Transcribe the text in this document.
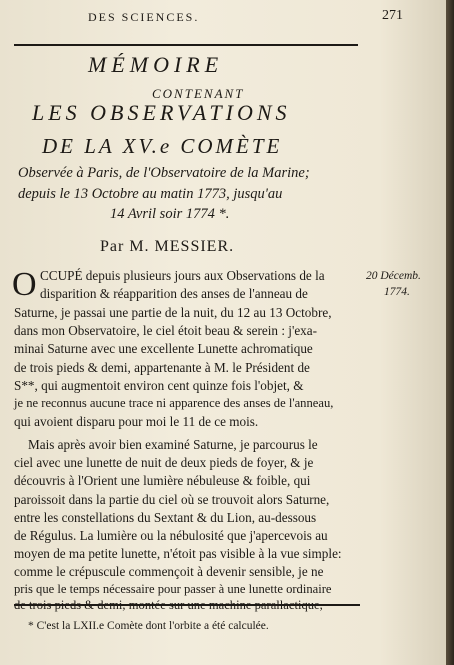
DES SCIENCES.	271
MÉMOIRE
CONTENANT
LES OBSERVATIONS
DE LA XV.e COMÈTE
Observée à Paris, de l'Observatoire de la Marine;
depuis le 13 Octobre au matin 1773, jusqu'au
14 Avril soir 1774 *.
Par M. MESSIER.
20 Décemb.
1774.
O CCUPÉ depuis plusieurs jours aux Observations de la
disparition & réapparition des anses de l'anneau de
Saturne, je passai une partie de la nuit, du 12 au 13 Octobre,
dans mon Observatoire, le ciel étoit beau & serein : j'exa-
minai Saturne avec une excellente Lunette achromatique
de trois pieds & demi, appartenante à M. le Président de
S**, qui augmentoit environ cent quinze fois l'objet, &
je ne reconnus aucune trace ni apparence des anses de l'anneau,
qui avoient disparu pour moi le 11 de ce mois.
Mais après avoir bien examiné Saturne, je parcourus le
ciel avec une lunette de nuit de deux pieds de foyer, & je
découvris à l'Orient une lumière nébuleuse & foible, qui
paroissoit dans la partie du ciel où se trouvoit alors Saturne,
entre les constellations du Sextant & du Lion, au-dessous
de Régulus. La lumière ou la nébulosité que j'apercevois au
moyen de ma petite lunette, n'étoit pas visible à la vue simple:
comme le crépuscule commençoit à devenir sensible, je ne
pris que le temps nécessaire pour passer à une lunette ordinaire
* C'est la LXII.e Comète dont l'orbite a été calculée.
